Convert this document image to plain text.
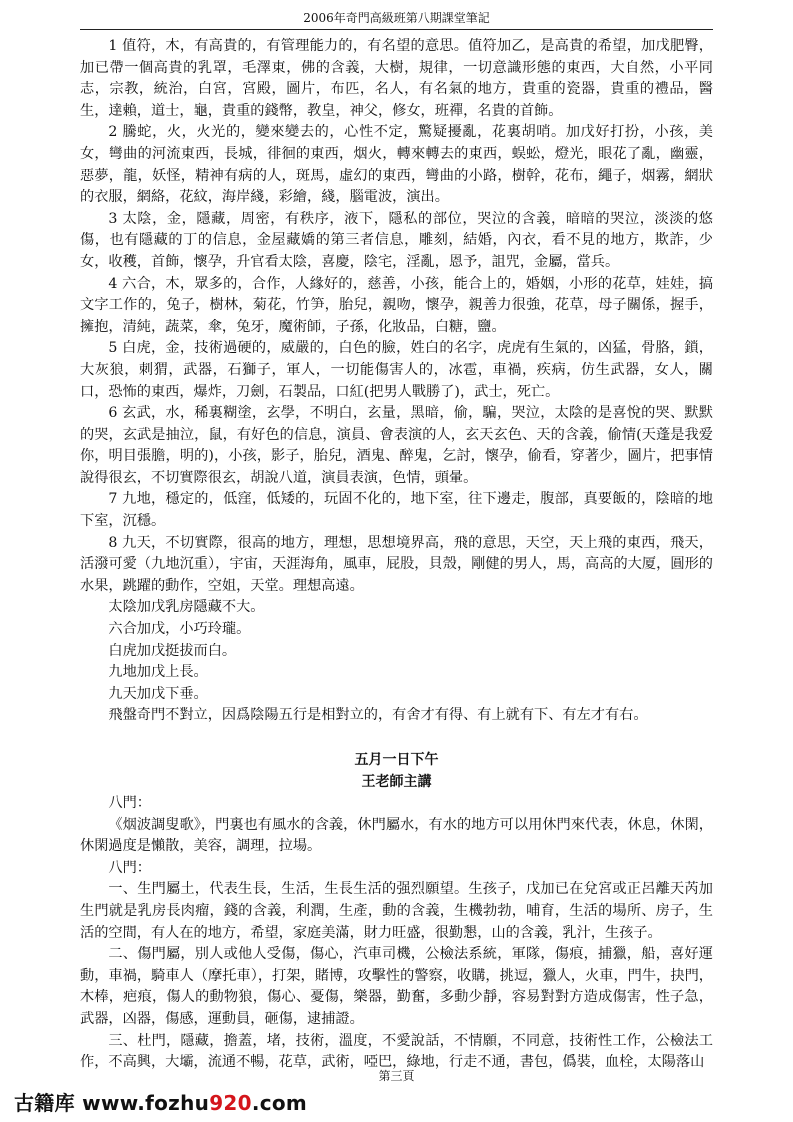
2006年奇門高級班第八期課堂筆記

1 值符，木，有高貴的，有管理能力的，有名望的意思。值符加乙，是高貴的希望，加戊肥臀，加已帶一個高貴的乳罩，毛澤東，佛的含義，大樹，規律，一切意識形態的東西，大自然，小平同志，宗教，統治，白宮，宮殿，圖片，布匹，名人，有名氣的地方，貴重的瓷器，貴重的禮品，醫生，達賴，道士，龜，貴重的錢幣，教皇，神父，修女，班禪，名貴的首飾。

2 騰蛇，火，火光的，變來變去的，心性不定，驚疑擾亂，花裏胡哨。加戊好打扮，小孩，美女，彎曲的河流東西，長城，徘徊的東西，烟火，轉來轉去的東西，蜈蚣，燈光，眼花了亂，幽靈，惡夢，龍，妖怪，精神有病的人，斑馬，虛幻的東西，彎曲的小路，樹幹，花布，繩子，烟霧，網狀的衣服，網絡，花紋，海岸綫，彩繪，綫，腦電波，演出。

3 太陰，金，隱藏，周密，有秩序，液下，隱私的部位，哭泣的含義，暗暗的哭泣，淡淡的悠傷，也有隱藏的丁的信息，金屋藏嬌的第三者信息，雕刻，結婚，內衣，看不見的地方，欺詐，少女，收穫，首飾，懷孕，升官看太陰，喜慶，陰宅，淫亂，恩予，詛咒，金屬，當兵。

4 六合，木，眾多的，合作，人緣好的，慈善，小孩，能合上的，婚姻，小形的花草，娃娃，搞文字工作的，兔子，樹林，菊花，竹笋，胎兒，親吻，懷孕，親善力很強，花草，母子關係，握手，擁抱，清純，蔬菜，傘，兔牙，魔術師，子孫，化妝品，白糖，鹽。

5 白虎，金，技術過硬的，威嚴的，白色的臉，姓白的名字，虎虎有生氣的，凶猛，骨胳，鎖，大灰狼，刺猬，武器，石獅子，軍人，一切能傷害人的，冰雹，車禍，疾病，仿生武器，女人，關口，恐怖的東西，爆炸，刀劍，石製品，口紅(把男人戰勝了)，武士，死亡。

6 玄武，水，稀裏糊塗，玄學，不明白，玄量，黑暗，偷，騙，哭泣，太陰的是喜悅的哭、默默的哭，玄武是抽泣，鼠，有好色的信息，演員、會表演的人，玄天玄色、天的含義，偷情(天蓬是我爱你，明目張膽，明的)，小孩，影子，胎兒，酒鬼、醉鬼，乞討，懷孕，偷看，穿著少，圖片，把事情說得很玄，不切實際很玄，胡說八道，演員表演，色情，頭暈。

7 九地，穩定的，低窪，低矮的，玩固不化的，地下室，往下邊走，腹部，真要飯的，陰暗的地下室，沉穩。

8 九天，不切實際，很高的地方，理想，思想境界高，飛的意思，天空，天上飛的東西，飛天，活潑可愛（九地沉重），宇宙，天涯海角，風車，屁股，貝殼，剛健的男人，馬，高高的大厦，圓形的水果，跳躍的動作，空姐，天堂。理想高遠。

太陰加戊乳房隱藏不大。

六合加戊，小巧玲瓏。

白虎加戊挺拔而白。

九地加戊上長。

九天加戊下垂。

飛盤奇門不對立，因爲陰陽五行是相對立的，有舍才有得、有上就有下、有左才有右。

五月一日下午

王老師主講

八門：

《烟波調叟歌》，門裏也有風水的含義，休門屬水，有水的地方可以用休門來代表，休息，休閑，休閑過度是懶散，美容，調理，拉場。

八門：

一、生門屬土，代表生長，生活，生長生活的强烈願望。生孩子，戊加已在兌宮或正呂離天芮加生門就是乳房長肉瘤，錢的含義，利潤，生產，動的含義，生機勃勃，哺育，生活的場所、房子，生活的空間，有人在的地方，希望，家庭美滿，財力旺盛，很勤懇，山的含義，乳汁，生孩子。

二、傷門屬，別人或他人受傷，傷心，汽車司機，公檢法系統，軍隊，傷痕，捕獵，船，喜好運動，車禍，騎車人（摩托車），打架，賭博，攻擊性的警察，收購，挑逗，獵人，火車，門牛，抉門，木棒，疤痕，傷人的動物狼，傷心、憂傷，樂器，勤奮，多動少靜，容易對對方造成傷害，性子急，武器，凶器，傷感，運動員，砸傷，逮捕證。

三、杜門，隱藏，擔蓋，堵，技術，溫度，不愛說話，不情願，不同意，技術性工作，公檢法工作，不高興，大壩，流通不暢，花草，武術，啞巴，綠地，行走不通，書包，僞裝，血栓，太陽落山

第三頁
古籍库 www.fozhu920.com
